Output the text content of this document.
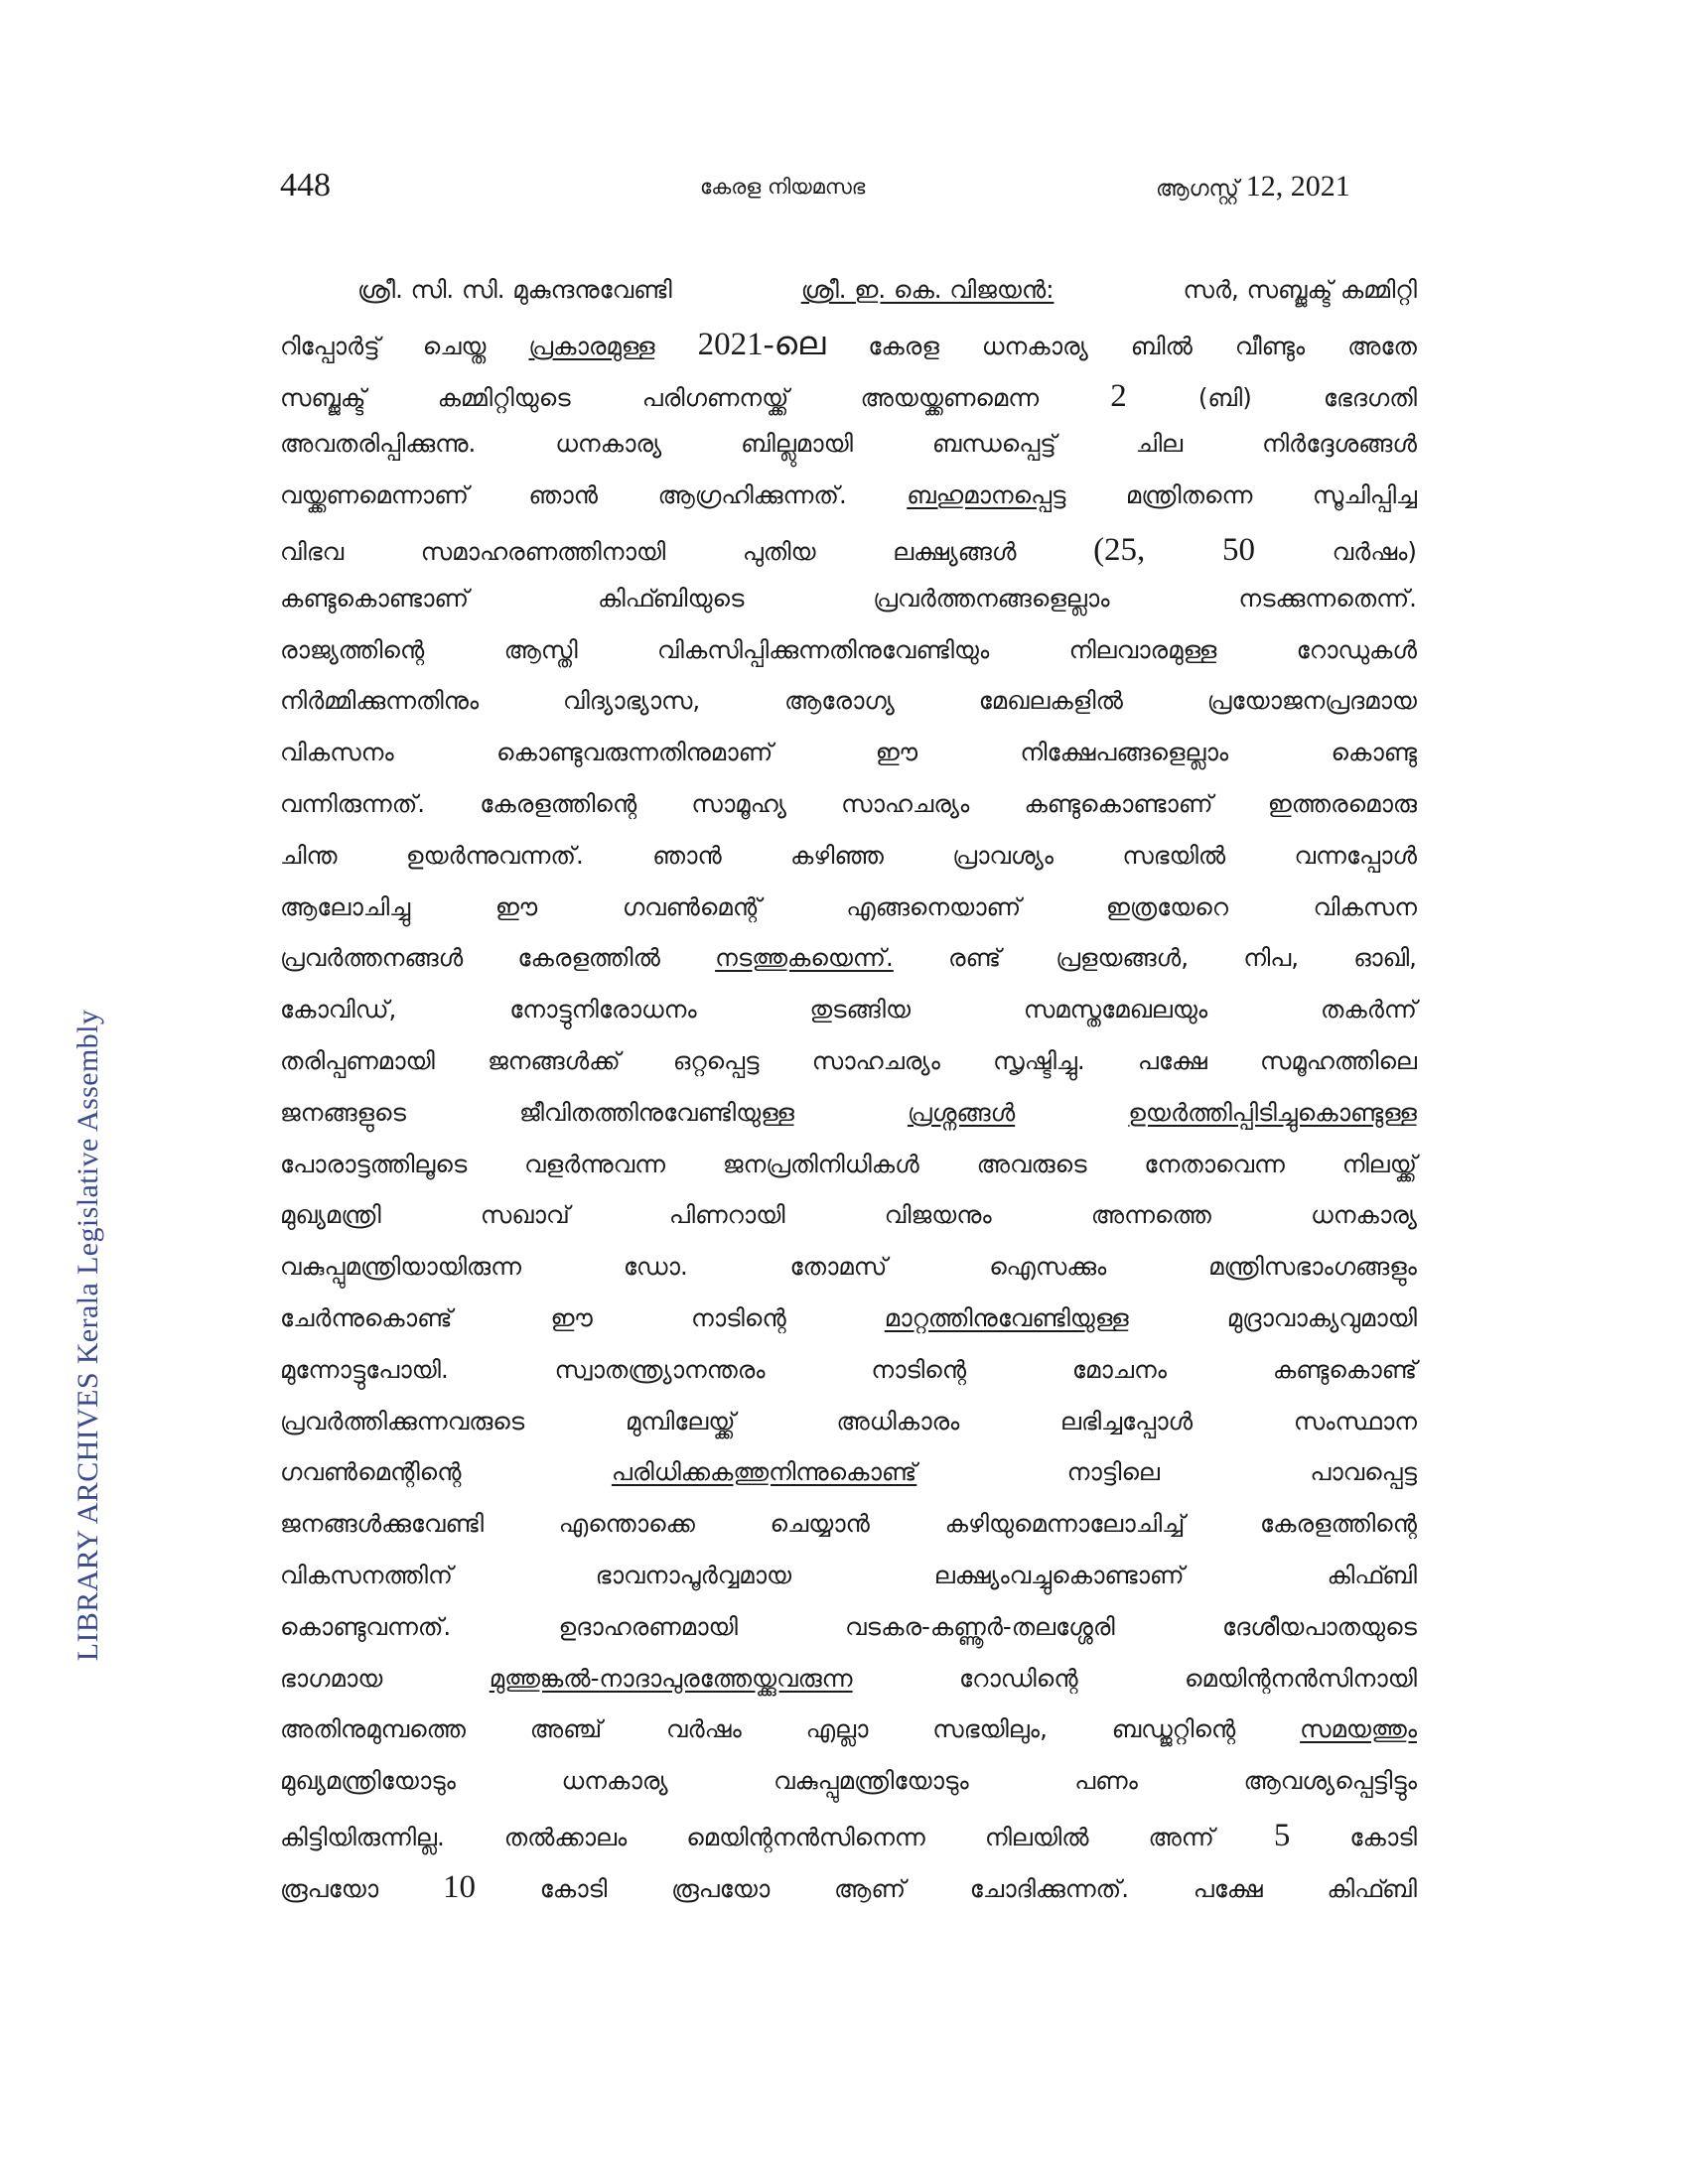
448	കേരള നിയമസഭ	ആഗസ്റ്റ് 12, 2021
LIBRARY ARCHIVES Kerala Legislative Assembly
ശ്രീ. സി. സി. മുകുന്ദനുവേണ്ടി	ശ്രീ. ഇ. കെ. വിജയൻ:	സർ, സബ്ജക്ട് കമ്മിറ്റി
റിപ്പോർട്ട് ചെയ്ത പ്രകാരമുള്ള 2021-ലെ കേരള ധനകാര്യ ബിൽ വീണ്ടും അതേ
സബ്ജക്ട്	കമ്മിറ്റിയുടെ	പരിഗണനയ്ക്ക്	അയയ്ക്കണമെന്ന 2	(ബി)	ഭേദഗതി
അവതരിപ്പിക്കുന്നു.	ധനകാര്യ	ബില്ലുമായി	ബന്ധപ്പെട്ട്	ചില	നിർദ്ദേശങ്ങൾ
വയ്ക്കണമെന്നാണ് ഞാൻ ആഗ്രഹിക്കുന്നത്. ബഹുമാനപ്പെട്ട മന്ത്രിതന്നെ സൂചിപ്പിച്ച
വിഭവ	സമാഹരണത്തിനായി	പുതിയ	ലക്ഷ്യങ്ങൾ (25, 50	വർഷം)
കണ്ടുകൊണ്ടാണ്	കിഫ്ബിയുടെ	പ്രവർത്തനങ്ങളെല്ലാം	നടക്കുന്നതെന്ന്.
രാജ്യത്തിന്റെ	ആസ്തി	വികസിപ്പിക്കുന്നതിനുവേണ്ടിയും	നിലവാരമുള്ള	റോഡുകൾ
നിർമ്മിക്കുന്നതിനും	വിദ്യാഭ്യാസ,	ആരോഗ്യ	മേഖലകളിൽ	പ്രയോജനപ്രദമായ
വികസനം	കൊണ്ടുവരുന്നതിനുമാണ്	ഈ	നിക്ഷേപങ്ങളെല്ലാം	കൊണ്ടു
വന്നിരുന്നത്. കേരളത്തിന്റെ സാമൂഹ്യ സാഹചര്യം കണ്ടുകൊണ്ടാണ് ഇത്തരമൊരു
ചിന്ത	ഉയർന്നുവന്നത്.	ഞാൻ	കഴിഞ്ഞ	പ്രാവശ്യം	സഭയിൽ	വന്നപ്പോൾ
ആലോചിച്ചു	ഈ	ഗവൺമെന്റ്	എങ്ങനെയാണ്	ഇത്രയേറെ	വികസന
പ്രവർത്തനങ്ങൾ കേരളത്തിൽ നടത്തുകയെന്ന്. രണ്ട് പ്രളയങ്ങൾ, നിപ, ഓഖി,
കോവിഡ്,	നോട്ടുനിരോധനം	തുടങ്ങിയ	സമസ്തമേഖലയും	തകർന്ന്
തരിപ്പണമായി ജനങ്ങൾക്ക് ഒറ്റപ്പെട്ട സാഹചര്യം സൃഷ്ടിച്ചു. പക്ഷേ സമൂഹത്തിലെ
ജനങ്ങളുടെ	ജീവിതത്തിനുവേണ്ടിയുള്ള	പ്രശ്നങ്ങൾ	ഉയർത്തിപ്പിടിച്ചുകൊണ്ടുള്ള
പോരാട്ടത്തിലൂടെ വളർന്നുവന്ന ജനപ്രതിനിധികൾ അവരുടെ നേതാവെന്ന നിലയ്ക്ക്
മുഖ്യമന്ത്രി	സഖാവ്	പിണറായി	വിജയനും	അന്നത്തെ	ധനകാര്യ
വകുപ്പുമന്ത്രിയായിരുന്ന	ഡോ.	തോമസ്	ഐസക്കും	മന്ത്രിസഭാംഗങ്ങളും
ചേർന്നുകൊണ്ട്	ഈ	നാടിന്റെ	മാറ്റത്തിനുവേണ്ടിയുള്ള	മുദ്രാവാക്യവുമായി
മുന്നോട്ടുപോയി.	സ്വാതന്ത്ര്യാനന്തരം	നാടിന്റെ	മോചനം	കണ്ടുകൊണ്ട്
പ്രവർത്തിക്കുന്നവരുടെ	മുമ്പിലേയ്ക്ക്	അധികാരം	ലഭിച്ചപ്പോൾ	സംസ്ഥാന
ഗവൺമെന്റിന്റെ	പരിധിക്കകത്തുനിന്നുകൊണ്ട്	നാട്ടിലെ	പാവപ്പെട്ട
ജനങ്ങൾക്കുവേണ്ടി	എന്തൊക്കെ	ചെയ്യാൻ	കഴിയുമെന്നാലോചിച്ച്	കേരളത്തിന്റെ
വികസനത്തിന്	ഭാവനാപൂർവ്വമായ	ലക്ഷ്യംവച്ചുകൊണ്ടാണ്	കിഫ്ബി
കൊണ്ടുവന്നത്.	ഉദാഹരണമായി	വടകര-കണ്ണൂർ-തലശ്ശേരി	ദേശീയപാതയുടെ
ഭാഗമായ	മുത്തുങ്കൽ-നാദാപുരത്തേയ്ക്കുവരുന്ന	റോഡിന്റെ	മെയിന്റനൻസിനായി
അതിനുമുമ്പത്തെ	അഞ്ച്	വർഷം	എല്ലാ	സഭയിലും,	ബഡ്ജറ്റിന്റെ	സമയത്തും
മുഖ്യമന്ത്രിയോടും	ധനകാര്യ	വകുപ്പുമന്ത്രിയോടും	പണം	ആവശ്യപ്പെട്ടിട്ടും
കിട്ടിയിരുന്നില്ല. തൽക്കാലം മെയിന്റനൻസിനെന്ന നിലയിൽ അന്ന് 5 കോടി
രൂപയോ 10	കോടി	രൂപയോ	ആണ്	ചോദിക്കുന്നത്.	പക്ഷേ	കിഫ്ബി
